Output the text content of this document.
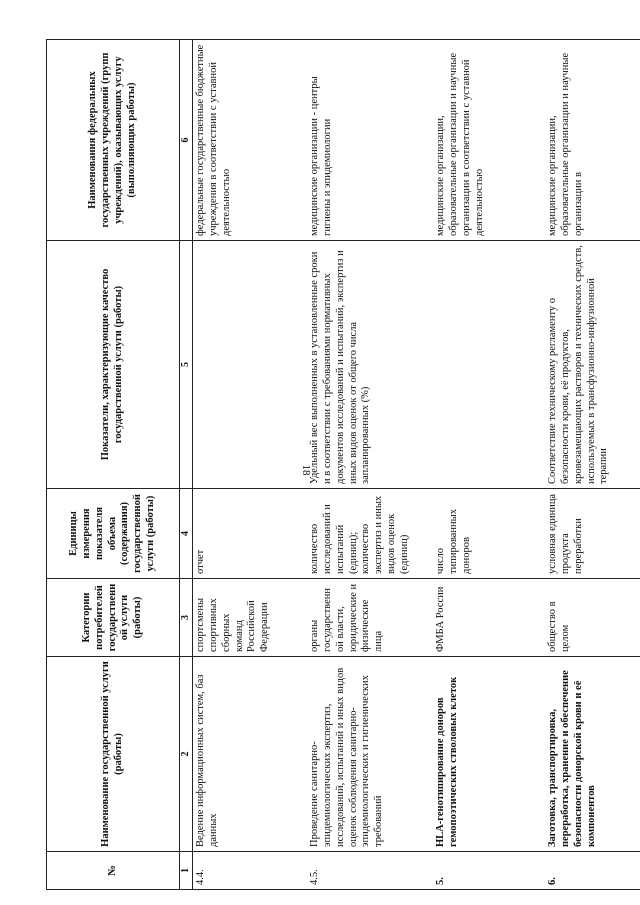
18
№	Наименование государственной услуги (работы)	Категории потребителей государственной услуги (работы)	Единицы измерения показателя объема (содержания) государственной услуги (работы)	Показатели, характеризующие качество государственной услуги (работы)	Наименования федеральных государственных учреждений (групп учреждений), оказывающих услугу (выполняющих работы)
1	2	3	4	5	6
4.4.	Ведение информационных систем, баз данных	спортсмены спортивных сборных команд Российской Федерации	отчет		федеральные государственные бюджетные учреждения в соответствии с уставной деятельностью
4.5.	Проведение санитарно-эпидемиологических экспертиз, исследований, испытаний и иных видов оценок соблюдения санитарно-эпидемиологических и гигиенических требований	органы государственной власти, юридические и физические лица	количество исследований и испытаний (единиц); количество экспертиз и иных видов оценок (единиц)	Удельный вес выполненных в установленные сроки и в соответствии с требованиями нормативных документов исследований и испытаний, экспертиз и иных видов оценок от общего числа запланированных (%)	медицинские организации - центры гигиены и эпидемиологии
5.	HLA-генотипирование доноров гемопоэтических стволовых клеток	ФМБА России	число типированных доноров		медицинские организации, образовательные организации и научные организации в соответствии с уставной деятельностью
6.	Заготовка, транспортировка, переработка, хранение и обеспечение безопасности донорской крови и её компонентов	общество в целом	условная единица продукта переработки	Соответствие техническому регламенту о безопасности крови, её продуктов, кровезамещающих растворов и технических средств, используемых в трансфузионно-инфузионной терапии	медицинские организации, образовательные организации и научные организации в
